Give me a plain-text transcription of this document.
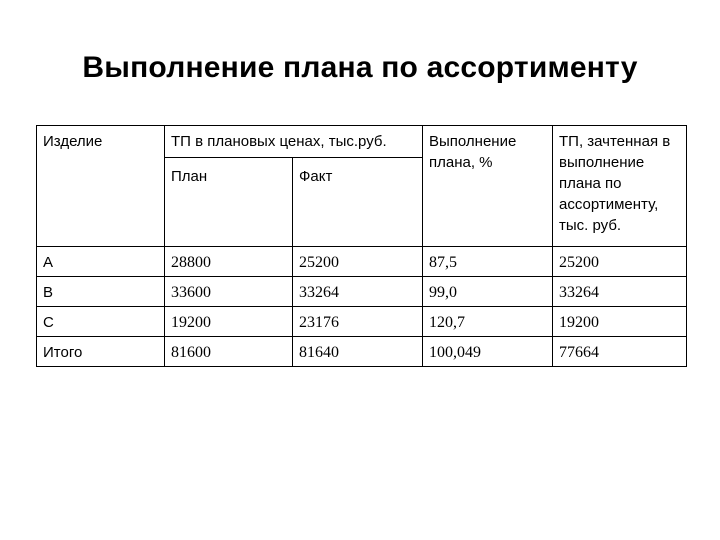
Выполнение плана по ассортименту
Изделие	ТП в плановых ценах, тыс.руб.		Выполнение плана, %	ТП, зачтенная в выполнение плана по ассортименту, тыс. руб.
	План	Факт		
А	28800	25200	87,5	25200
В	33600	33264	99,0	33264
С	19200	23176	120,7	19200
Итого	81600	81640	100,049	77664
